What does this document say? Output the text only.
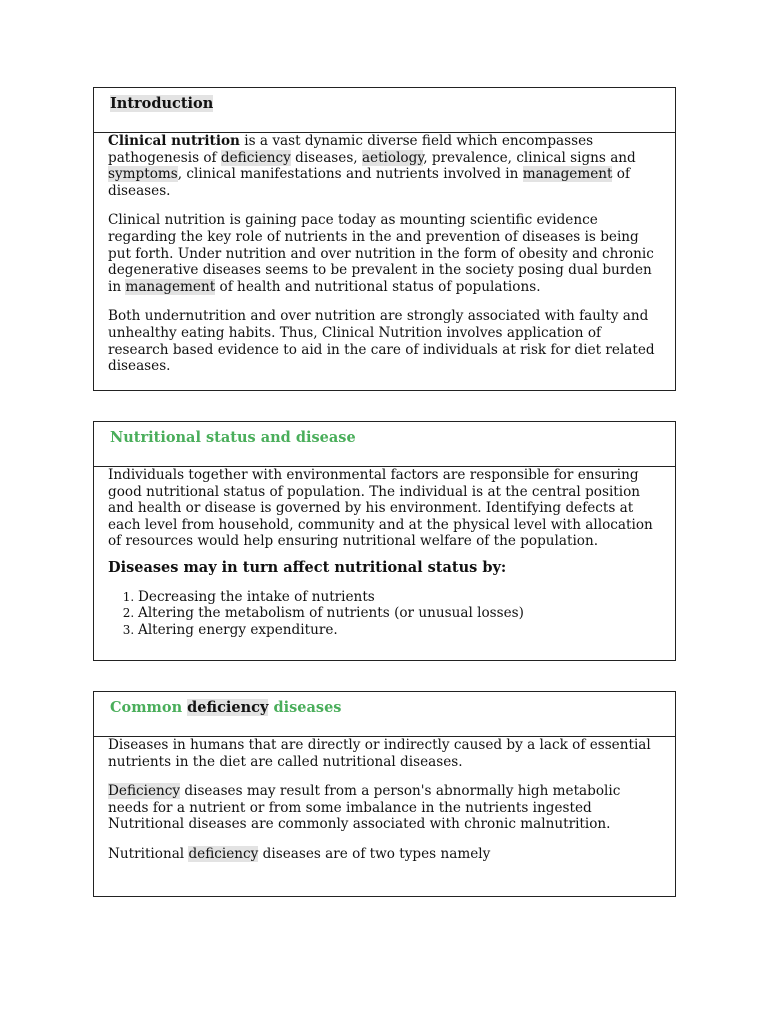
Introduction

Clinical nutrition is a vast dynamic diverse field which encompasses pathogenesis of deficiency diseases, aetiology, prevalence, clinical signs and symptoms, clinical manifestations and nutrients involved in management of diseases.

Clinical nutrition is gaining pace today as mounting scientific evidence regarding the key role of nutrients in the and prevention of diseases is being put forth. Under nutrition and over nutrition in the form of obesity and chronic degenerative diseases seems to be prevalent in the society posing dual burden in management of health and nutritional status of populations.

Both undernutrition and over nutrition are strongly associated with faulty and unhealthy eating habits. Thus, Clinical Nutrition involves application of research based evidence to aid in the care of individuals at risk for diet related diseases.

Nutritional status and disease

Individuals together with environmental factors are responsible for ensuring good nutritional status of population. The individual is at the central position and health or disease is governed by his environment. Identifying defects at each level from household, community and at the physical level with allocation of resources would help ensuring nutritional welfare of the population.

Diseases may in turn affect nutritional status by:
1. Decreasing the intake of nutrients
2. Altering the metabolism of nutrients (or unusual losses)
3. Altering energy expenditure.
Common deficiency diseases

Diseases in humans that are directly or indirectly caused by a lack of essential nutrients in the diet are called nutritional diseases.

Deficiency diseases may result from a person's abnormally high metabolic needs for a nutrient or from some imbalance in the nutrients ingested Nutritional diseases are commonly associated with chronic malnutrition.

Nutritional deficiency diseases are of two types namely
